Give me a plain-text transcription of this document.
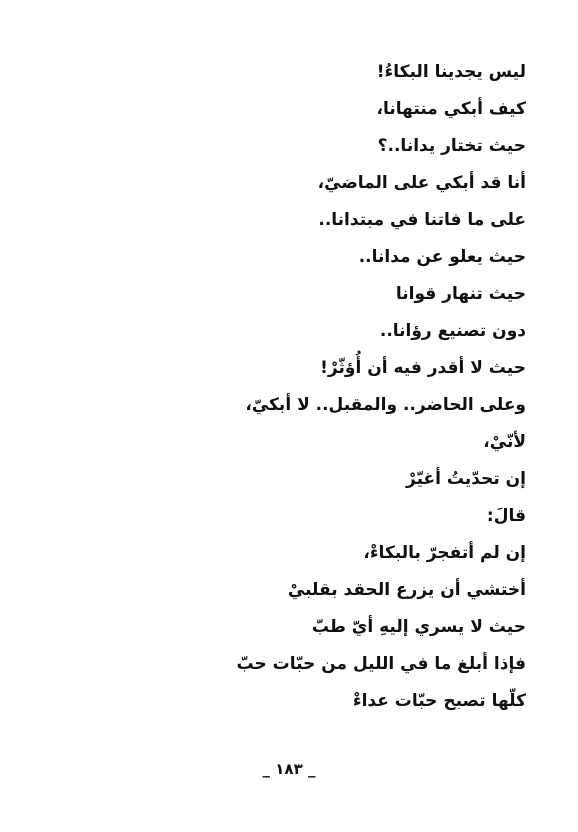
ليس يجدينا البكاءُ!
كيف أبكي منتهانا،
حيث تختار يدانا..؟
أنا قد أبكي على الماضيّ،
على ما فاتنا في مبتدانا..
حيث يعلو عن مدانا..
حيث تنهار قوانا
دون تصنيع رؤانا..
حيث لا أقدر فيه أن أُؤثّرْ!
وعلى الحاضر.. والمقبل.. لا أبكيّ،
لأنّيْ،
إن تحدّيتُ أغيّرْ
قالَ:
إن لم أتفجرّ بالبكاءْ،
أختشي أن يزرع الحقد بقلبيْ
حيث لا يسري إليهِ أيّ طبّ
فإذا أبلغ ما في الليل من حبّات حبّ
كلّها تصبح حبّات عداءْ
_ ١٨٣ _
